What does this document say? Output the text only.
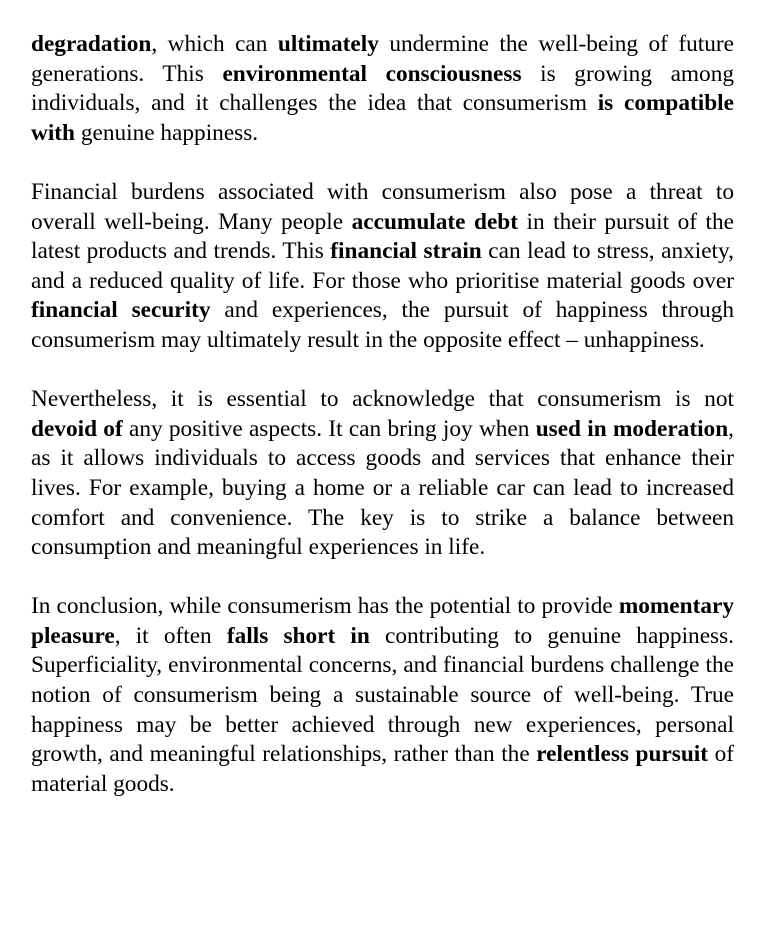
degradation, which can ultimately undermine the well-being of future generations. This environmental consciousness is growing among individuals, and it challenges the idea that consumerism is compatible with genuine happiness.

Financial burdens associated with consumerism also pose a threat to overall well-being. Many people accumulate debt in their pursuit of the latest products and trends. This financial strain can lead to stress, anxiety, and a reduced quality of life. For those who prioritise material goods over financial security and experiences, the pursuit of happiness through consumerism may ultimately result in the opposite effect – unhappiness.

Nevertheless, it is essential to acknowledge that consumerism is not devoid of any positive aspects. It can bring joy when used in moderation, as it allows individuals to access goods and services that enhance their lives. For example, buying a home or a reliable car can lead to increased comfort and convenience. The key is to strike a balance between consumption and meaningful experiences in life.

In conclusion, while consumerism has the potential to provide momentary pleasure, it often falls short in contributing to genuine happiness. Superficiality, environmental concerns, and financial burdens challenge the notion of consumerism being a sustainable source of well-being. True happiness may be better achieved through new experiences, personal growth, and meaningful relationships, rather than the relentless pursuit of material goods.
